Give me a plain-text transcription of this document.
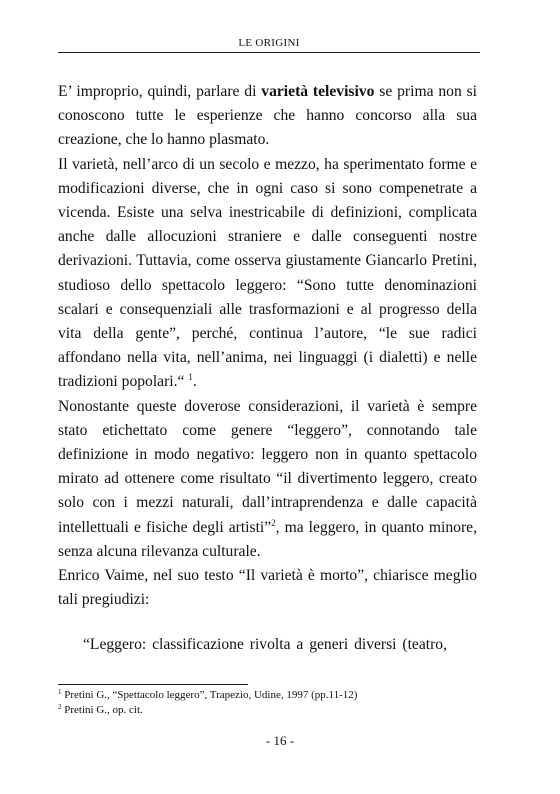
LE ORIGINI

E’ improprio, quindi, parlare di varietà televisivo se prima non si conoscono tutte le esperienze che hanno concorso alla sua creazione, che lo hanno plasmato.

Il varietà, nell’arco di un secolo e mezzo, ha sperimentato forme e modificazioni diverse, che in ogni caso si sono compenetrate a vicenda. Esiste una selva inestricabile di definizioni, complicata anche dalle allocuzioni straniere e dalle conseguenti nostre derivazioni. Tuttavia, come osserva giustamente Giancarlo Pretini, studioso dello spettacolo leggero: “Sono tutte denominazioni scalari e consequenziali alle trasformazioni e al progresso della vita della gente”, perché, continua l’autore, “le sue radici affondano nella vita, nell’anima, nei linguaggi (i dialetti) e nelle tradizioni popolari.“ $^1$.

Nonostante queste doverose considerazioni, il varietà è sempre stato etichettato come genere “leggero”, connotando tale definizione in modo negativo: leggero non in quanto spettacolo mirato ad ottenere come risultato “il divertimento leggero, creato solo con i mezzi naturali, dall’intraprendenza e dalle capacità intellettuali e fisiche degli artisti”$^2$, ma leggero, in quanto minore, senza alcuna rilevanza culturale.

Enrico Vaime, nel suo testo “Il varietà è morto”, chiarisce meglio tali pregiudizi:

“Leggero: classificazione rivolta a generi diversi (teatro,
$^1$ Pretini G., “Spettacolo leggero”, Trapezio, Udine, 1997 (pp.11-12)
$^2$ Pretini G., op. cit.
- 16 -
